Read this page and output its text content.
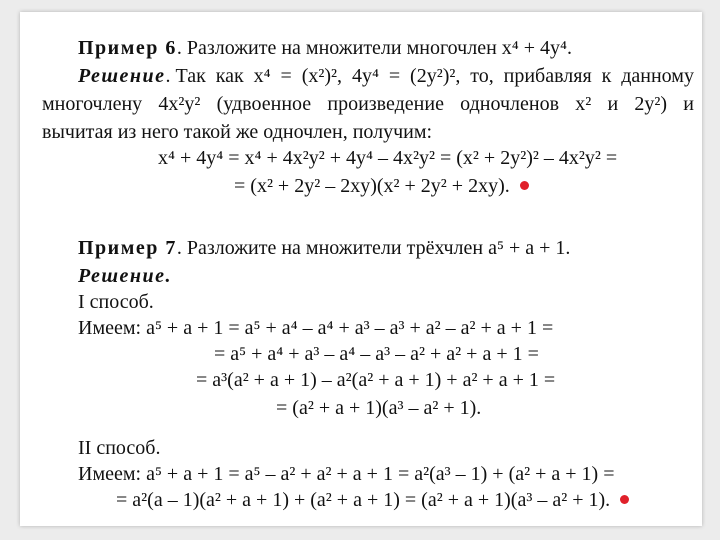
Пример 6. Разложите на множители многочлен x⁴ + 4y⁴.
Решение. Так как x⁴ = (x²)², 4y⁴ = (2y²)², то, прибавляя к данному
многочлену 4x²y² (удвоенное произведение одночленов x² и 2y²) и
вычитая из него такой же одночлен, получим:
x⁴ + 4y⁴ = x⁴ + 4x²y² + 4y⁴ – 4x²y² = (x² + 2y²)² – 4x²y² =
= (x² + 2y² – 2xy)(x² + 2y² + 2xy).
Пример 7. Разложите на множители трёхчлен a⁵ + a + 1.
Решение.
I способ.
Имеем: a⁵ + a + 1 = a⁵ + a⁴ – a⁴ + a³ – a³ + a² – a² + a + 1 =
= a⁵ + a⁴ + a³ – a⁴ – a³ – a² + a² + a + 1 =
= a³(a² + a + 1) – a²(a² + a + 1) + a² + a + 1 =
= (a² + a + 1)(a³ – a² + 1).
II способ.
Имеем: a⁵ + a + 1 = a⁵ – a² + a² + a + 1 = a²(a³ – 1) + (a² + a + 1) =
= a²(a – 1)(a² + a + 1) + (a² + a + 1) = (a² + a + 1)(a³ – a² + 1).
